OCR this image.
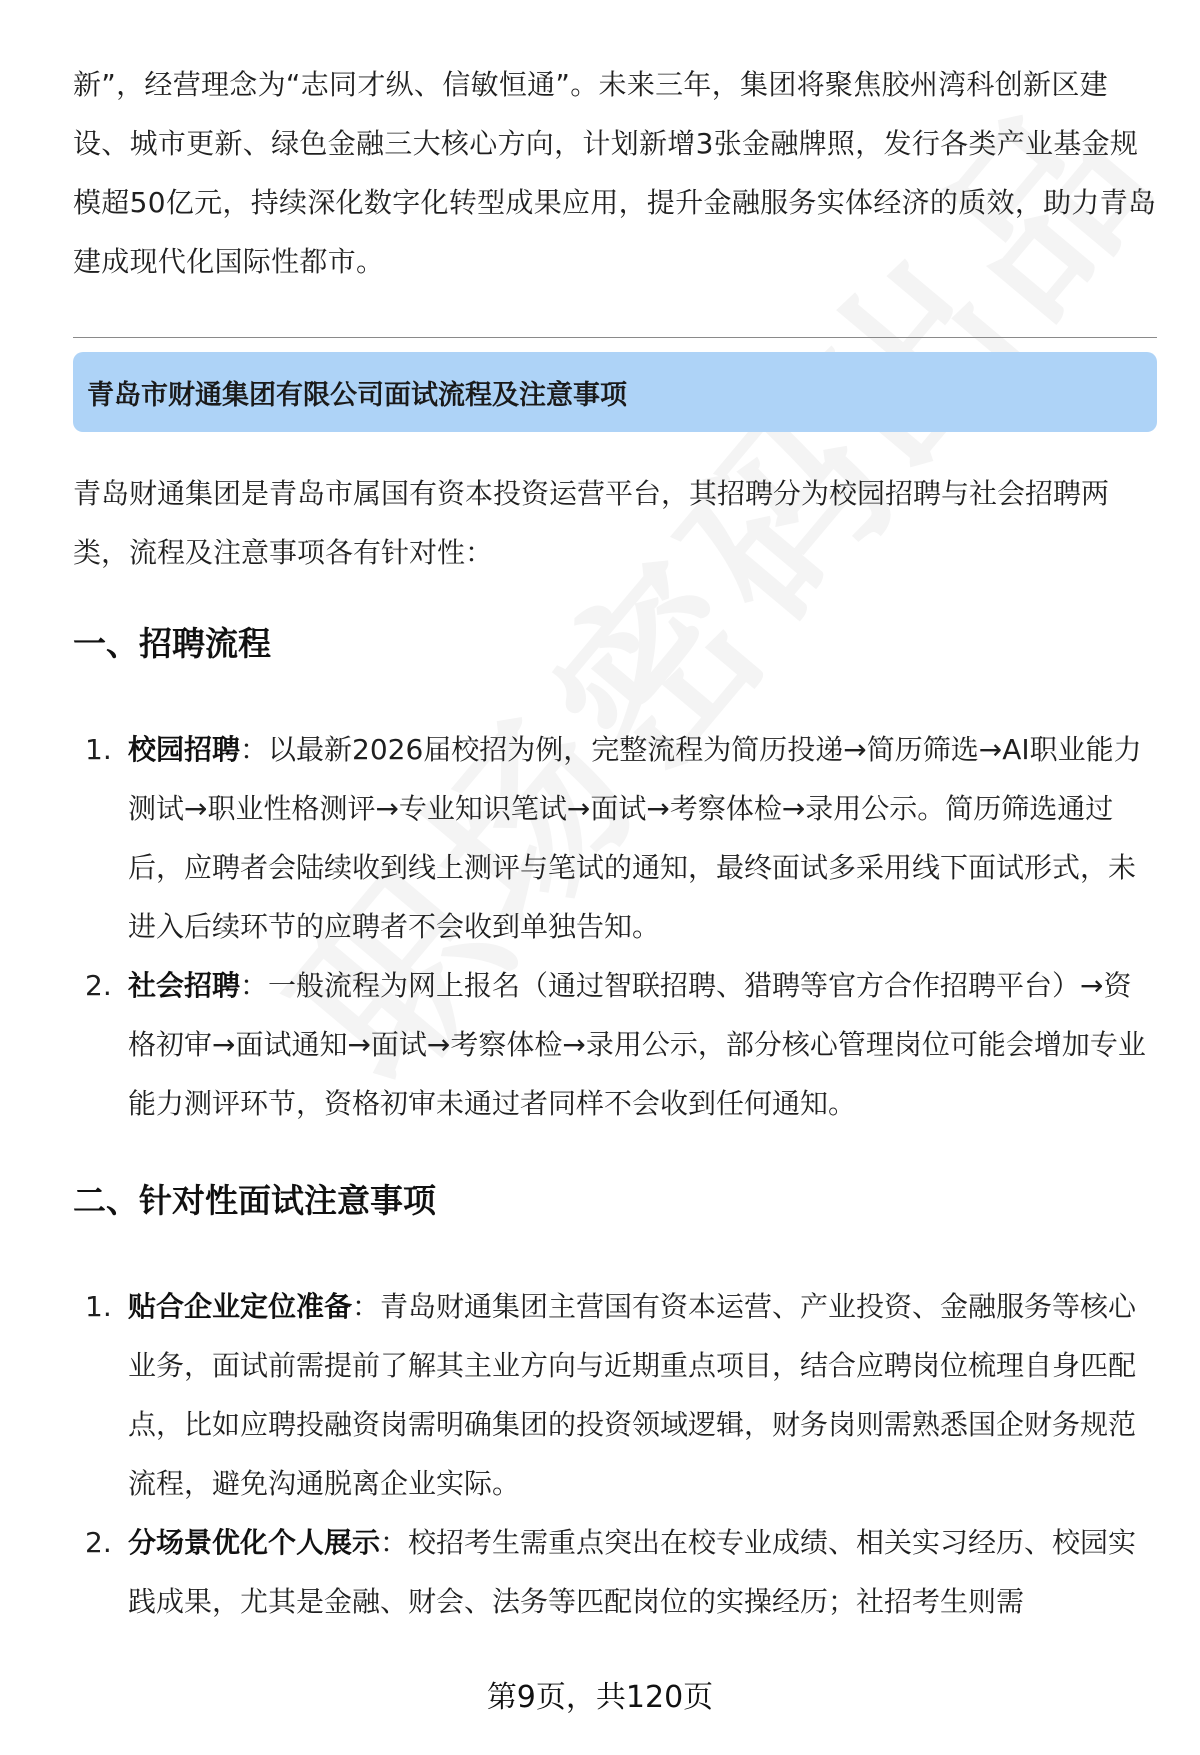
新”，经营理念为“志同才纵、信敏恒通”。未来三年，集团将聚焦胶州湾科创新区建设、城市更新、绿色金融三大核心方向，计划新增3张金融牌照，发行各类产业基金规模超50亿元，持续深化数字化转型成果应用，提升金融服务实体经济的质效，助力青岛建成现代化国际性都市。

青岛市财通集团有限公司面试流程及注意事项

青岛财通集团是青岛市属国有资本投资运营平台，其招聘分为校园招聘与社会招聘两类，流程及注意事项各有针对性：

一、招聘流程
1. 校园招聘：以最新2026届校招为例，完整流程为简历投递→简历筛选→AI职业能力测试→职业性格测评→专业知识笔试→面试→考察体检→录用公示。简历筛选通过后，应聘者会陆续收到线上测评与笔试的通知，最终面试多采用线下面试形式，未进入后续环节的应聘者不会收到单独告知。
2. 社会招聘：一般流程为网上报名（通过智联招聘、猎聘等官方合作招聘平台）→资格初审→面试通知→面试→考察体检→录用公示，部分核心管理岗位可能会增加专业能力测评环节，资格初审未通过者同样不会收到任何通知。
二、针对性面试注意事项
1. 贴合企业定位准备：青岛财通集团主营国有资本运营、产业投资、金融服务等核心业务，面试前需提前了解其主业方向与近期重点项目，结合应聘岗位梳理自身匹配点，比如应聘投融资岗需明确集团的投资领域逻辑，财务岗则需熟悉国企财务规范流程，避免沟通脱离企业实际。
2. 分场景优化个人展示：校招考生需重点突出在校专业成绩、相关实习经历、校园实践成果，尤其是金融、财会、法务等匹配岗位的实操经历；社招考生则需
第9页，共120页
